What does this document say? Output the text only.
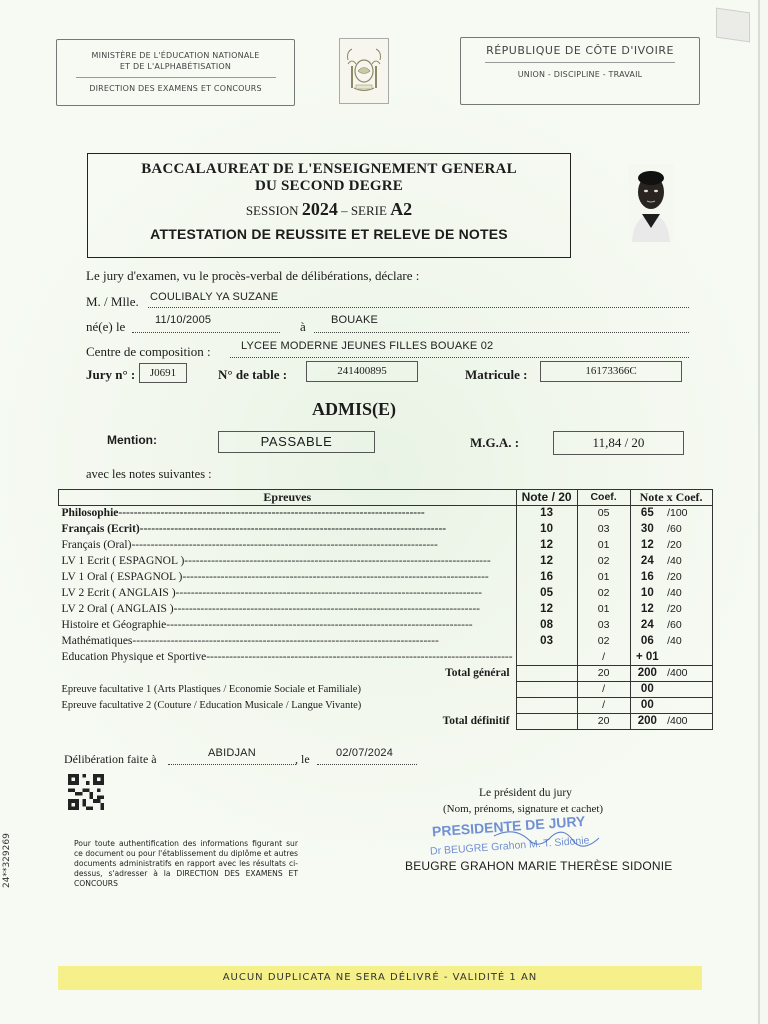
MINISTÈRE DE L'ÉDUCATION NATIONALE
ET DE L'ALPHABÉTISATION
DIRECTION DES EXAMENS ET CONCOURS
RÉPUBLIQUE DE CÔTE D'IVOIRE
UNION - DISCIPLINE - TRAVAIL
BACCALAUREAT DE L'ENSEIGNEMENT GENERAL
DU SECOND DEGRE
SESSION 2024 – SERIE A2
ATTESTATION DE REUSSITE ET RELEVE DE NOTES
Le jury d'examen, vu le procès-verbal de délibérations, déclare :
M. / Mlle. COULIBALY YA SUZANE
né(e) le	11/10/2005	à BOUAKE
Centre de composition :	LYCEE MODERNE JEUNES FILLES BOUAKE 02
Jury n° :	J0691	N° de table :	241400895	Matricule :	16173366C
ADMIS(E)
Mention:	PASSABLE	M.G.A. :	11,84 / 20
avec les notes suivantes :
Epreuves	Note / 20	Coef.	Note x Coef.	
Philosophie--------------------------------------------------------------------------------	13	05	65	/100
Français (Ecrit)--------------------------------------------------------------------------------	10	03	30	/60
Français (Oral)--------------------------------------------------------------------------------	12	01	12	/20
LV 1 Ecrit ( ESPAGNOL )--------------------------------------------------------------------------------	12	02	24	/40
LV 1 Oral ( ESPAGNOL )--------------------------------------------------------------------------------	16	01	16	/20
LV 2 Ecrit ( ANGLAIS )--------------------------------------------------------------------------------	05	02	10	/40
LV 2 Oral ( ANGLAIS )--------------------------------------------------------------------------------	12	01	12	/20
Histoire et Géographie--------------------------------------------------------------------------------	08	03	24	/60
Mathématiques--------------------------------------------------------------------------------	03	02	06	/40
Education Physique et Sportive--------------------------------------------------------------------------------		/	+ 01	
Total général		20	200	/400
Epreuve facultative 1 (Arts Plastiques / Economie Sociale et Familiale)		/	00	
Epreuve facultative 2 (Couture / Education Musicale / Langue Vivante)		/	00	
Total définitif		20	200	/400
Délibération faite à	ABIDJAN	, le 02/07/2024
Pour toute authentification des informations figurant sur ce document ou pour l'établissement du diplôme et autres documents administratifs en rapport avec les résultats ci-dessus, s'adresser à la DIRECTION DES EXAMENS ET CONCOURS
Le président du jury
(Nom, prénoms, signature et cachet)
PRESIDENTE DE JURY
Dr BEUGRE Grahon M. T. Sidonie
BEUGRE GRAHON MARIE THERÈSE SIDONIE
24**329269
AUCUN DUPLICATA NE SERA DÉLIVRÉ - VALIDITÉ 1 AN
